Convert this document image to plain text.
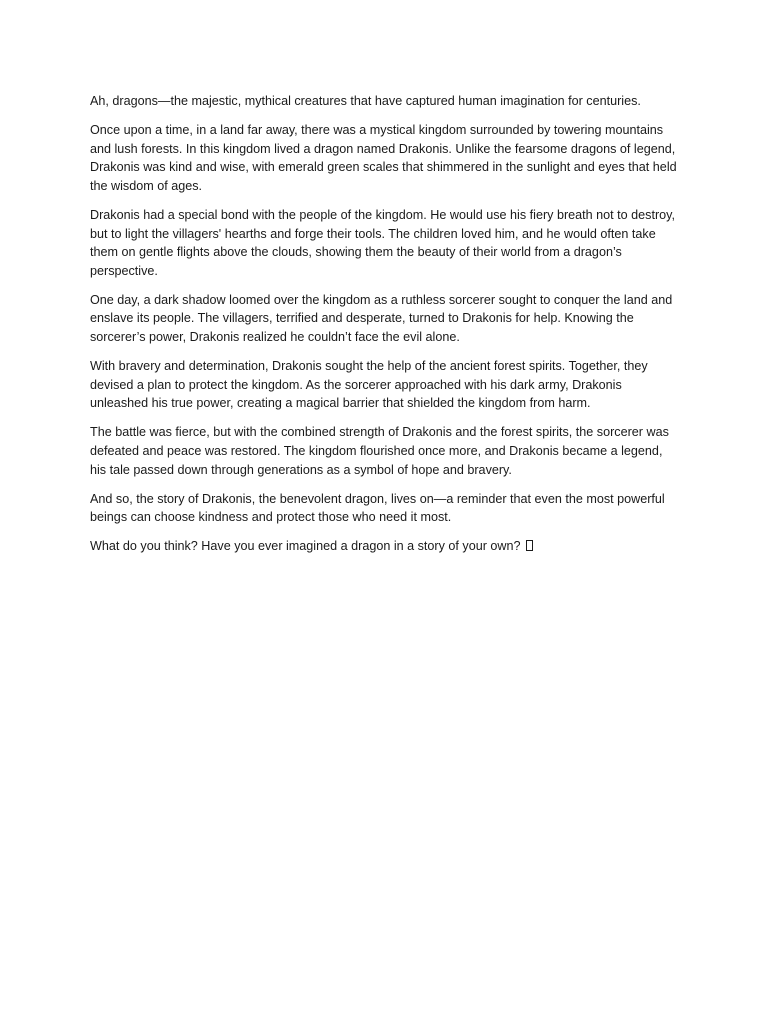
Ah, dragons—the majestic, mythical creatures that have captured human imagination for centuries.

Once upon a time, in a land far away, there was a mystical kingdom surrounded by towering mountains and lush forests. In this kingdom lived a dragon named Drakonis. Unlike the fearsome dragons of legend, Drakonis was kind and wise, with emerald green scales that shimmered in the sunlight and eyes that held the wisdom of ages.

Drakonis had a special bond with the people of the kingdom. He would use his fiery breath not to destroy, but to light the villagers' hearths and forge their tools. The children loved him, and he would often take them on gentle flights above the clouds, showing them the beauty of their world from a dragon’s perspective.

One day, a dark shadow loomed over the kingdom as a ruthless sorcerer sought to conquer the land and enslave its people. The villagers, terrified and desperate, turned to Drakonis for help. Knowing the sorcerer’s power, Drakonis realized he couldn’t face the evil alone.

With bravery and determination, Drakonis sought the help of the ancient forest spirits. Together, they devised a plan to protect the kingdom. As the sorcerer approached with his dark army, Drakonis unleashed his true power, creating a magical barrier that shielded the kingdom from harm.

The battle was fierce, but with the combined strength of Drakonis and the forest spirits, the sorcerer was defeated and peace was restored. The kingdom flourished once more, and Drakonis became a legend, his tale passed down through generations as a symbol of hope and bravery.

And so, the story of Drakonis, the benevolent dragon, lives on—a reminder that even the most powerful beings can choose kindness and protect those who need it most.

What do you think? Have you ever imagined a dragon in a story of your own?
